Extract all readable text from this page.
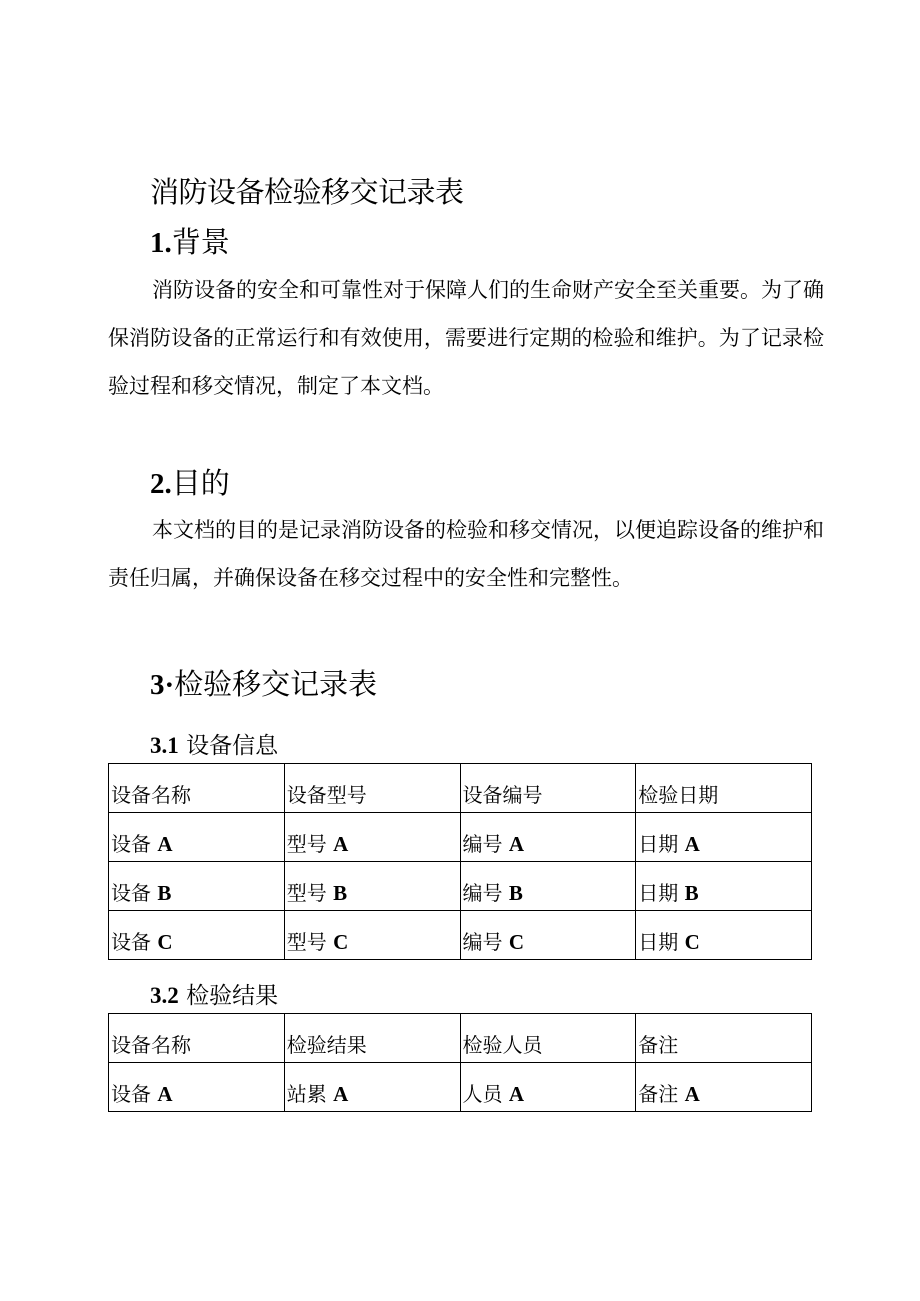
消防设备检验移交记录表
1.背景
消防设备的安全和可靠性对于保障人们的生命财产安全至关重要。为了确保消防设备的正常运行和有效使用，需要进行定期的检验和维护。为了记录检验过程和移交情况，制定了本文档。
2.目的
本文档的目的是记录消防设备的检验和移交情况，以便追踪设备的维护和责任归属，并确保设备在移交过程中的安全性和完整性。
3·检验移交记录表
3.1 设备信息
设备名称	设备型号	设备编号	检验日期
设备 A	型号 A	编号 A	日期 A
设备 B	型号 B	编号 B	日期 B
设备 C	型号 C	编号 C	日期 C
3.2 检验结果
设备名称	检验结果	检验人员	备注
设备 A	站累 A	人员 A	备注 A
